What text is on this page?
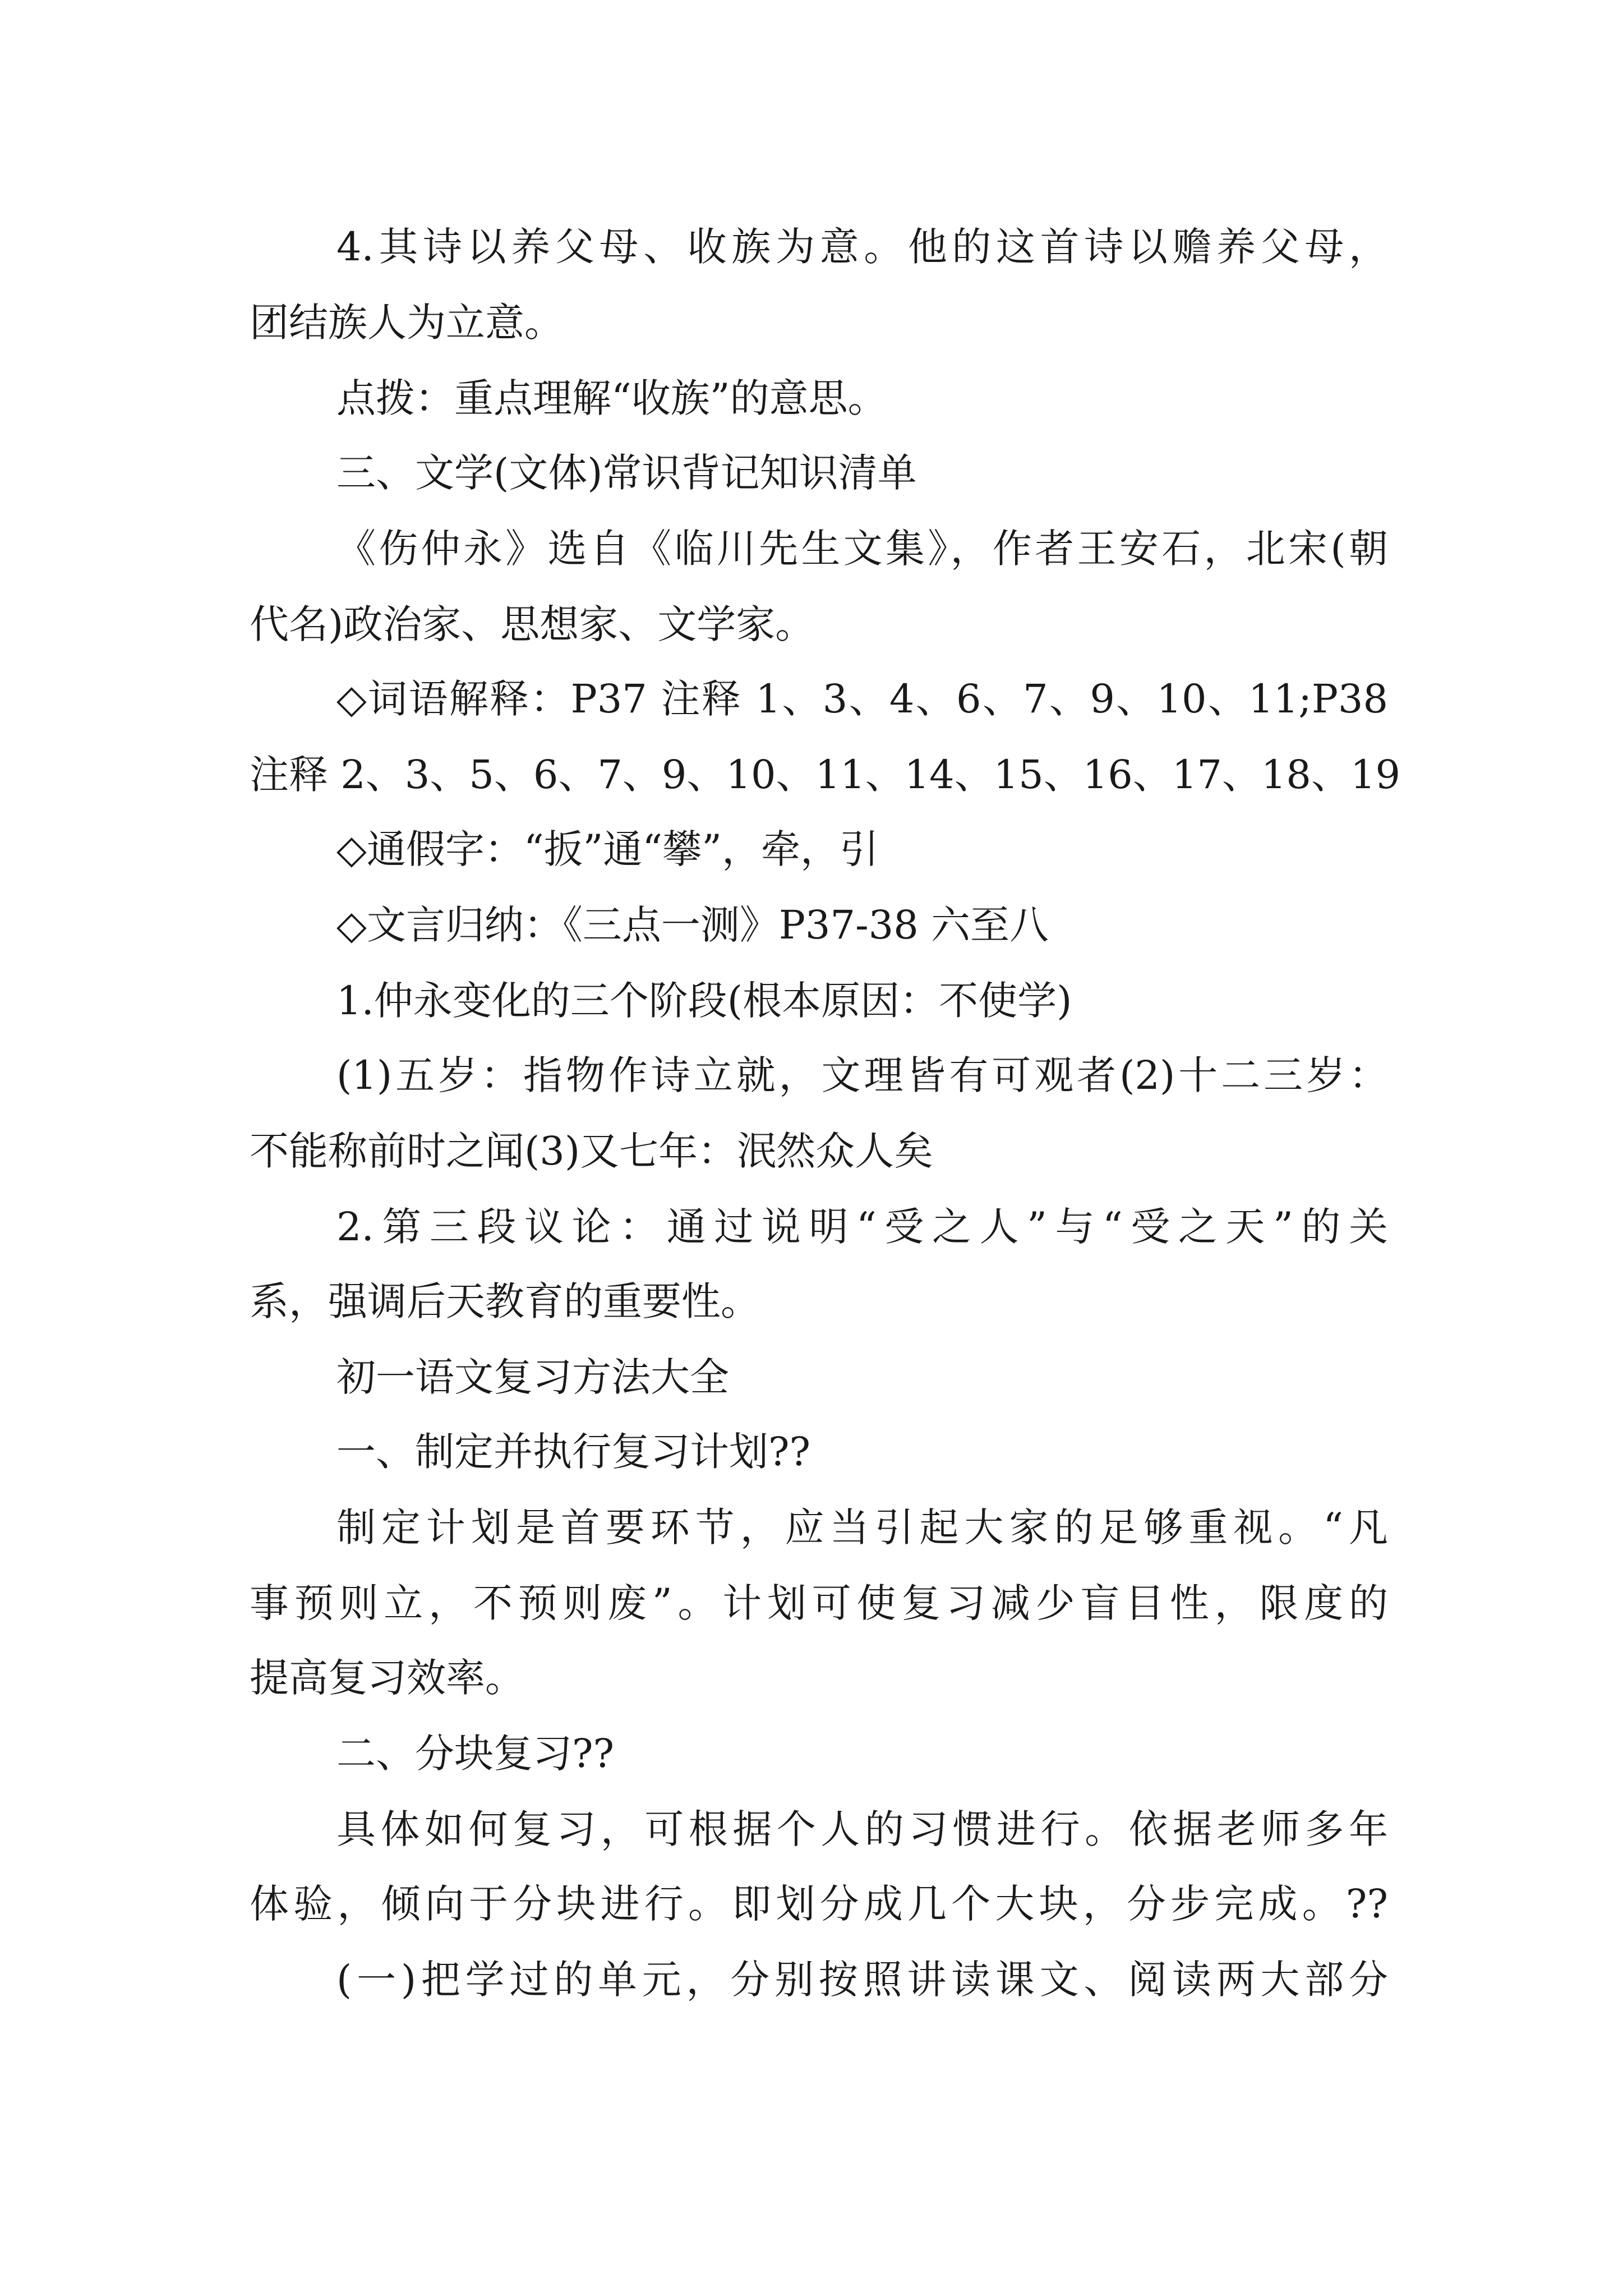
4.其诗以养父母、收族为意。他的这首诗以赡养父母，
团结族人为立意。
点拨：重点理解“收族”的意思。
三、文学(文体)常识背记知识清单
《伤仲永》选自《临川先生文集》，作者王安石，北宋(朝
代名)政治家、思想家、文学家。
◇词语解释：P37 注释 1、3、4、6、7、9、10、11;P38
注释 2、3、5、6、7、9、10、11、14、15、16、17、18、19
◇通假字：“扳”通“攀”，牵，引
◇文言归纳：《三点一测》P37-38 六至八
1.仲永变化的三个阶段(根本原因：不使学)
(1)五岁：指物作诗立就，文理皆有可观者(2)十二三岁：
不能称前时之闻(3)又七年：泯然众人矣
2.第三段议论：通过说明“受之人”与“受之天”的关
系，强调后天教育的重要性。
初一语文复习方法大全
一、制定并执行复习计划??
制定计划是首要环节，应当引起大家的足够重视。“凡
事预则立，不预则废”。计划可使复习减少盲目性，限度的
提高复习效率。
二、分块复习??
具体如何复习，可根据个人的习惯进行。依据老师多年
体验，倾向于分块进行。即划分成几个大块，分步完成。??
(一)把学过的单元，分别按照讲读课文、阅读两大部分
